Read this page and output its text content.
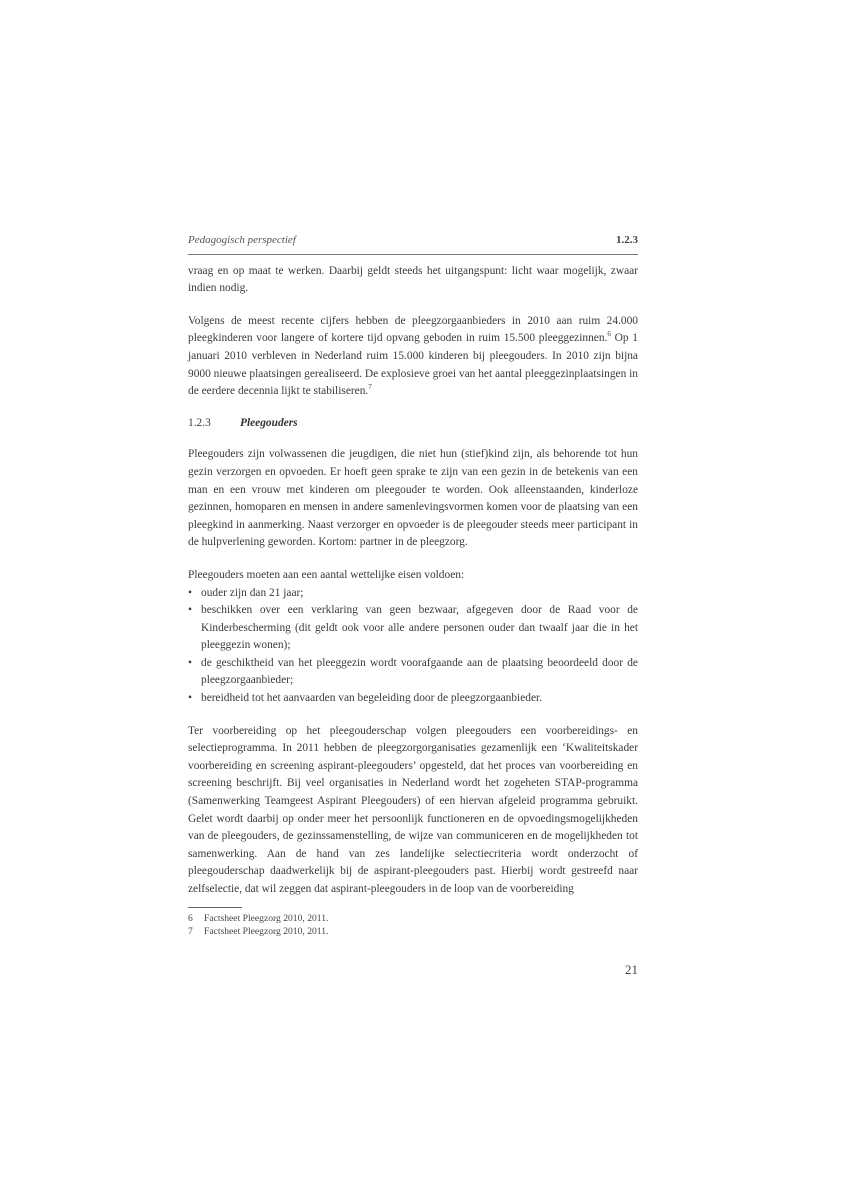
Pedagogisch perspectief	1.2.3

vraag en op maat te werken. Daarbij geldt steeds het uitgangspunt: licht waar mogelijk, zwaar indien nodig.

Volgens de meest recente cijfers hebben de pleegzorgaanbieders in 2010 aan ruim 24.000 pleegkinderen voor langere of kortere tijd opvang geboden in ruim 15.500 pleeggezinnen.$^6$ Op 1 januari 2010 verbleven in Nederland ruim 15.000 kinderen bij pleegouders. In 2010 zijn bijna 9000 nieuwe plaatsingen gerealiseerd. De explosieve groei van het aantal pleeggezinplaatsingen in de eerdere decennia lijkt te stabiliseren.$^7$

1.2.3	Pleegouders

Pleegouders zijn volwassenen die jeugdigen, die niet hun (stief)kind zijn, als behorende tot hun gezin verzorgen en opvoeden. Er hoeft geen sprake te zijn van een gezin in de betekenis van een man en een vrouw met kinderen om pleegouder te worden. Ook alleenstaanden, kinderloze gezinnen, homoparen en mensen in andere samenlevingsvormen komen voor de plaatsing van een pleegkind in aanmerking. Naast verzorger en opvoeder is de pleegouder steeds meer participant in de hulpverlening geworden. Kortom: partner in de pleegzorg.

Pleegouders moeten aan een aantal wettelijke eisen voldoen:

• ouder zijn dan 21 jaar;
• beschikken over een verklaring van geen bezwaar, afgegeven door de Raad voor de Kinderbescherming (dit geldt ook voor alle andere personen ouder dan twaalf jaar die in het pleeggezin wonen);
• de geschiktheid van het pleeggezin wordt voorafgaande aan de plaatsing beoordeeld door de pleegzorgaanbieder;
• bereidheid tot het aanvaarden van begeleiding door de pleegzorgaanbieder.

Ter voorbereiding op het pleegouderschap volgen pleegouders een voorbereidings- en selectieprogramma. In 2011 hebben de pleegzorgorganisaties gezamenlijk een ‘Kwaliteitskader voorbereiding en screening aspirant-pleegouders’ opgesteld, dat het proces van voorbereiding en screening beschrijft. Bij veel organisaties in Nederland wordt het zogeheten STAP-programma (Samenwerking Teamgeest Aspirant Pleegouders) of een hiervan afgeleid programma gebruikt. Gelet wordt daarbij op onder meer het persoonlijk functioneren en de opvoedingsmogelijkheden van de pleegouders, de gezinssamenstelling, de wijze van communiceren en de mogelijkheden tot samenwerking. Aan de hand van zes landelijke selectiecriteria wordt onderzocht of pleegouderschap daadwerkelijk bij de aspirant-pleegouders past. Hierbij wordt gestreefd naar zelfselectie, dat wil zeggen dat aspirant-pleegouders in de loop van de voorbereiding

6	Factsheet Pleegzorg 2010, 2011.
7	Factsheet Pleegzorg 2010, 2011.
21
